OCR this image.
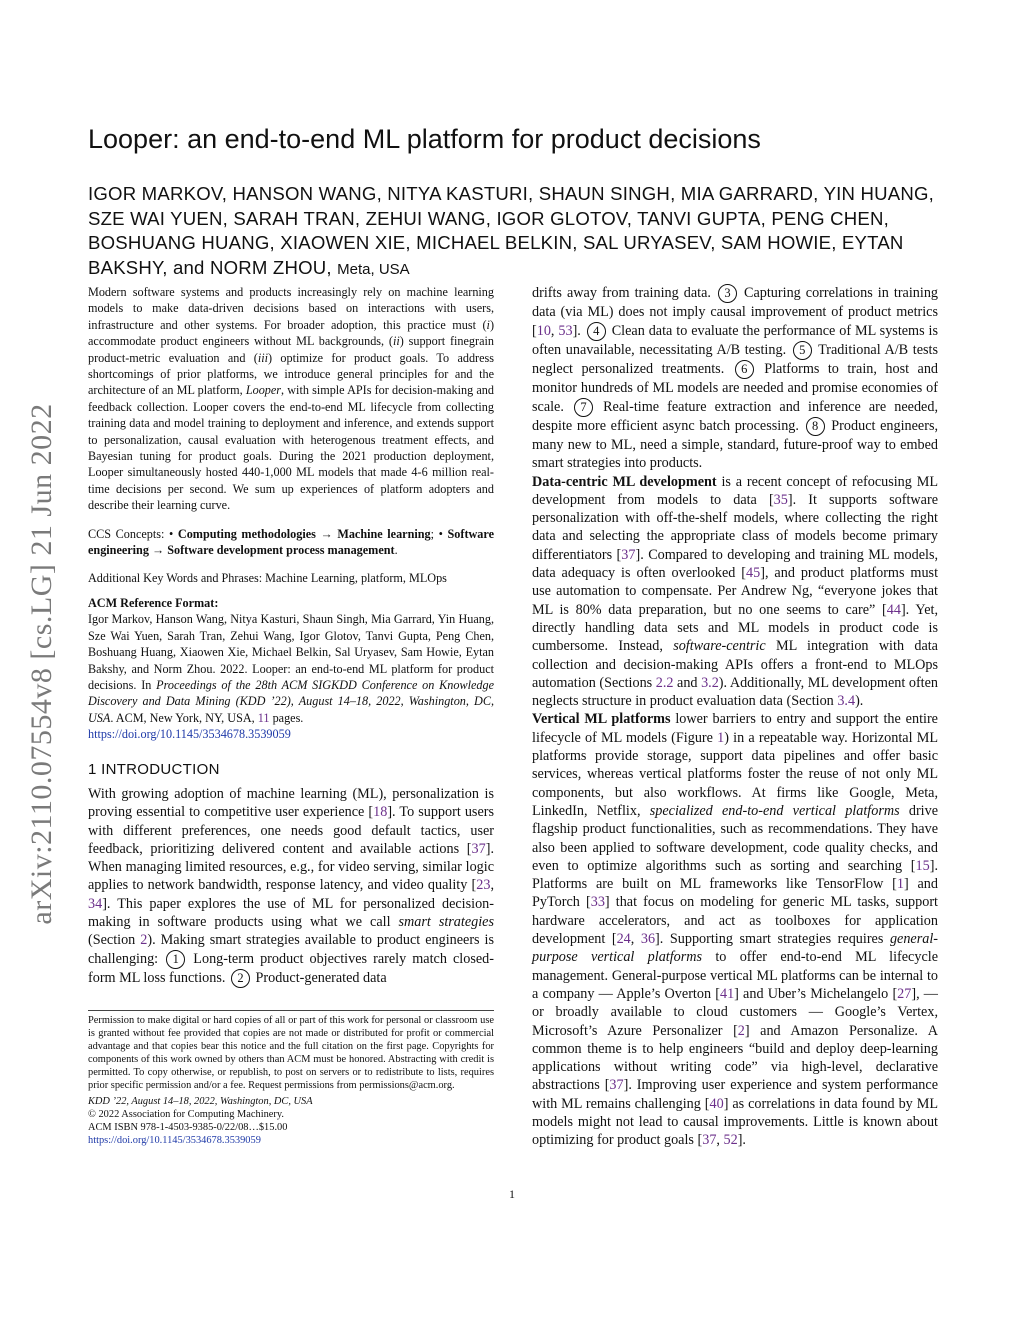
arXiv:2110.07554v8 [cs.LG] 21 Jun 2022
Looper: an end-to-end ML platform for product decisions
IGOR MARKOV, HANSON WANG, NITYA KASTURI, SHAUN SINGH, MIA GARRARD, YIN HUANG, SZE WAI YUEN, SARAH TRAN, ZEHUI WANG, IGOR GLOTOV, TANVI GUPTA, PENG CHEN, BOSHUANG HUANG, XIAOWEN XIE, MICHAEL BELKIN, SAL URYASEV, SAM HOWIE, EYTAN BAKSHY, and NORM ZHOU, Meta, USA
Modern software systems and products increasingly rely on machine learning models to make data-driven decisions based on interactions with users, infrastructure and other systems. For broader adoption, this practice must (i) accommodate product engineers without ML backgrounds, (ii) support finegrain product-metric evaluation and (iii) optimize for product goals. To address shortcomings of prior platforms, we introduce general principles for and the architecture of an ML platform, Looper, with simple APIs for decision-making and feedback collection. Looper covers the end-to-end ML lifecycle from collecting training data and model training to deployment and inference, and extends support to personalization, causal evaluation with heterogenous treatment effects, and Bayesian tuning for product goals. During the 2021 production deployment, Looper simultaneously hosted 440-1,000 ML models that made 4-6 million real-time decisions per second. We sum up experiences of platform adopters and describe their learning curve.
CCS Concepts: • Computing methodologies → Machine learning; • Software engineering → Software development process management.
Additional Key Words and Phrases: Machine Learning, platform, MLOps
ACM Reference Format:
Igor Markov, Hanson Wang, Nitya Kasturi, Shaun Singh, Mia Garrard, Yin Huang, Sze Wai Yuen, Sarah Tran, Zehui Wang, Igor Glotov, Tanvi Gupta, Peng Chen, Boshuang Huang, Xiaowen Xie, Michael Belkin, Sal Uryasev, Sam Howie, Eytan Bakshy, and Norm Zhou. 2022. Looper: an end-to-end ML platform for product decisions. In Proceedings of the 28th ACM SIGKDD Conference on Knowledge Discovery and Data Mining (KDD ’22), August 14–18, 2022, Washington, DC, USA. ACM, New York, NY, USA, 11 pages.
https://doi.org/10.1145/3534678.3539059
1 INTRODUCTION
With growing adoption of machine learning (ML), personalization is proving essential to competitive user experience [18]. To support users with different preferences, one needs good default tactics, user feedback, prioritizing delivered content and available actions [37]. When managing limited resources, e.g., for video serving, similar logic applies to network bandwidth, response latency, and video quality [23, 34]. This paper explores the use of ML for personalized decision-making in software products using what we call smart strategies (Section 2). Making smart strategies available to product engineers is challenging: 1 Long-term product objectives rarely match closed-form ML loss functions. 2 Product-generated data
Permission to make digital or hard copies of all or part of this work for personal or classroom use is granted without fee provided that copies are not made or distributed for profit or commercial advantage and that copies bear this notice and the full citation on the first page. Copyrights for components of this work owned by others than ACM must be honored. Abstracting with credit is permitted. To copy otherwise, or republish, to post on servers or to redistribute to lists, requires prior specific permission and/or a fee. Request permissions from permissions@acm.org.
KDD ’22, August 14–18, 2022, Washington, DC, USA
© 2022 Association for Computing Machinery.
ACM ISBN 978-1-4503-9385-0/22/08…$15.00
https://doi.org/10.1145/3534678.3539059
drifts away from training data. 3 Capturing correlations in training data (via ML) does not imply causal improvement of product metrics [10, 53]. 4 Clean data to evaluate the performance of ML systems is often unavailable, necessitating A/B testing. 5 Traditional A/B tests neglect personalized treatments. 6 Platforms to train, host and monitor hundreds of ML models are needed and promise economies of scale. 7 Real-time feature extraction and inference are needed, despite more efficient async batch processing. 8 Product engineers, many new to ML, need a simple, standard, future-proof way to embed smart strategies into products.
Data-centric ML development is a recent concept of refocusing ML development from models to data [35]. It supports software personalization with off-the-shelf models, where collecting the right data and selecting the appropriate class of models become primary differentiators [37]. Compared to developing and training ML models, data adequacy is often overlooked [45], and product platforms must use automation to compensate. Per Andrew Ng, “everyone jokes that ML is 80% data preparation, but no one seems to care” [44]. Yet, directly handling data sets and ML models in product code is cumbersome. Instead, software-centric ML integration with data collection and decision-making APIs offers a front-end to MLOps automation (Sections 2.2 and 3.2). Additionally, ML development often neglects structure in product evaluation data (Section 3.4).
Vertical ML platforms lower barriers to entry and support the entire lifecycle of ML models (Figure 1) in a repeatable way. Horizontal ML platforms provide storage, support data pipelines and offer basic services, whereas vertical platforms foster the reuse of not only ML components, but also workflows. At firms like Google, Meta, LinkedIn, Netflix, specialized end-to-end vertical platforms drive flagship product functionalities, such as recommendations. They have also been applied to software development, code quality checks, and even to optimize algorithms such as sorting and searching [15]. Platforms are built on ML frameworks like TensorFlow [1] and PyTorch [33] that focus on modeling for generic ML tasks, support hardware accelerators, and act as toolboxes for application development [24, 36]. Supporting smart strategies requires general-purpose vertical platforms to offer end-to-end ML lifecycle management. General-purpose vertical ML platforms can be internal to a company — Apple’s Overton [41] and Uber’s Michelangelo [27], — or broadly available to cloud customers — Google’s Vertex, Microsoft’s Azure Personalizer [2] and Amazon Personalize. A common theme is to help engineers “build and deploy deep-learning applications without writing code” via high-level, declarative abstractions [37]. Improving user experience and system performance with ML remains challenging [40] as correlations in data found by ML models might not lead to causal improvements. Little is known about optimizing for product goals [37, 52].
1
